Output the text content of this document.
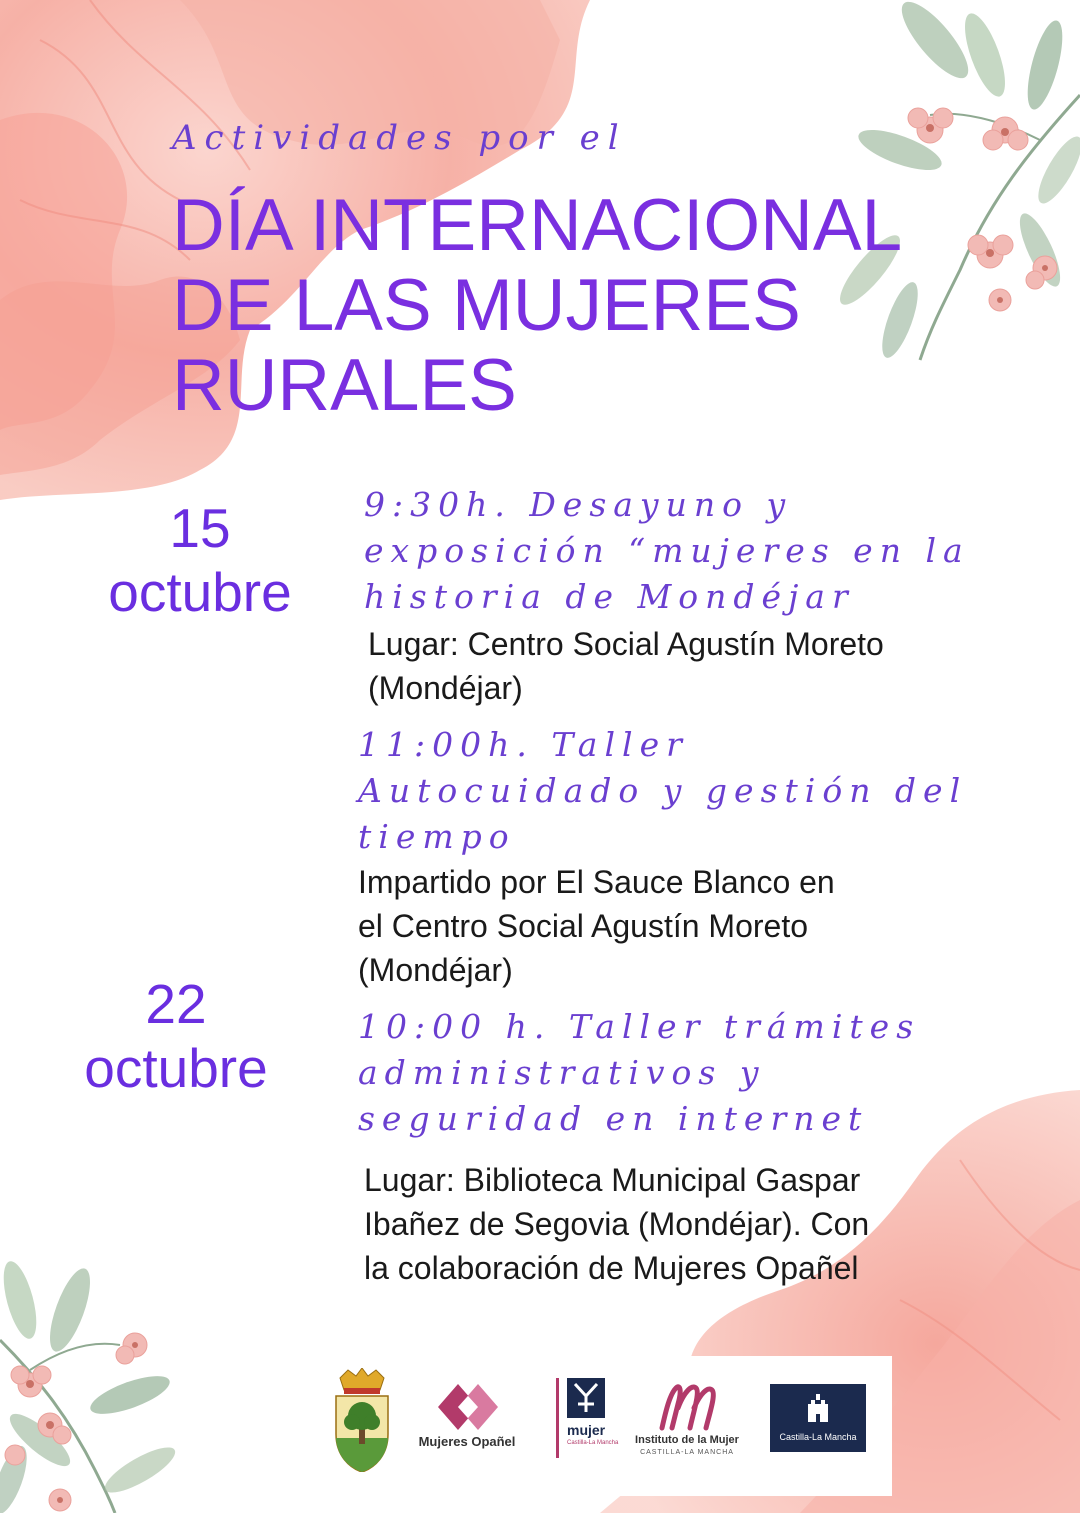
Actividades por el
DÍA INTERNACIONAL
DE LAS MUJERES
RURALES
15
octubre
9:30h. Desayuno y
exposición “mujeres en la
historia de Mondéjar
Lugar: Centro Social Agustín Moreto
(Mondéjar)
11:00h. Taller
Autocuidado y gestión del
tiempo
Impartido por El Sauce Blanco en
el Centro Social Agustín Moreto
(Mondéjar)
22
octubre
10:00 h. Taller trámites
administrativos y
seguridad en internet
Lugar: Biblioteca Municipal Gaspar
Ibañez de Segovia (Mondéjar). Con
la colaboración de Mujeres Opañel
Mujeres Opañel
mujer
Castilla-La Mancha	Instituto de la Mujer
CASTILLA-LA MANCHA
Castilla-La Mancha
